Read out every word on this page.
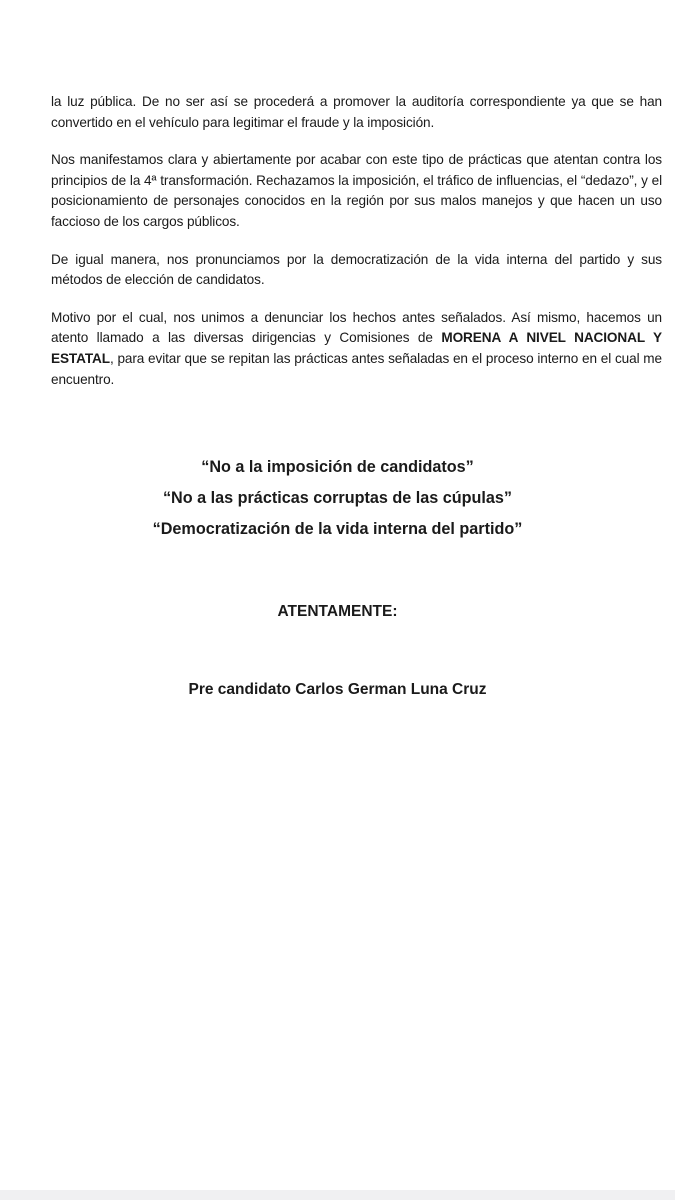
la luz pública. De no ser así se procederá a promover la auditoría correspondiente ya que se han convertido en el vehículo para legitimar el fraude y la imposición.

Nos manifestamos clara y abiertamente por acabar con este tipo de prácticas que atentan contra los principios de la 4ª transformación. Rechazamos la imposición, el tráfico de influencias, el “dedazo”, y el posicionamiento de personajes conocidos en la región por sus malos manejos y que hacen un uso faccioso de los cargos públicos.

De igual manera, nos pronunciamos por la democratización de la vida interna del partido y sus métodos de elección de candidatos.

Motivo por el cual, nos unimos a denunciar los hechos antes señalados. Así mismo, hacemos un atento llamado a las diversas dirigencias y Comisiones de MORENA A NIVEL NACIONAL Y ESTATAL, para evitar que se repitan las prácticas antes señaladas en el proceso interno en el cual me encuentro.

“No a la imposición de candidatos”

“No a las prácticas corruptas de las cúpulas”

“Democratización de la vida interna del partido”

ATENTAMENTE:

Pre candidato Carlos German Luna Cruz
